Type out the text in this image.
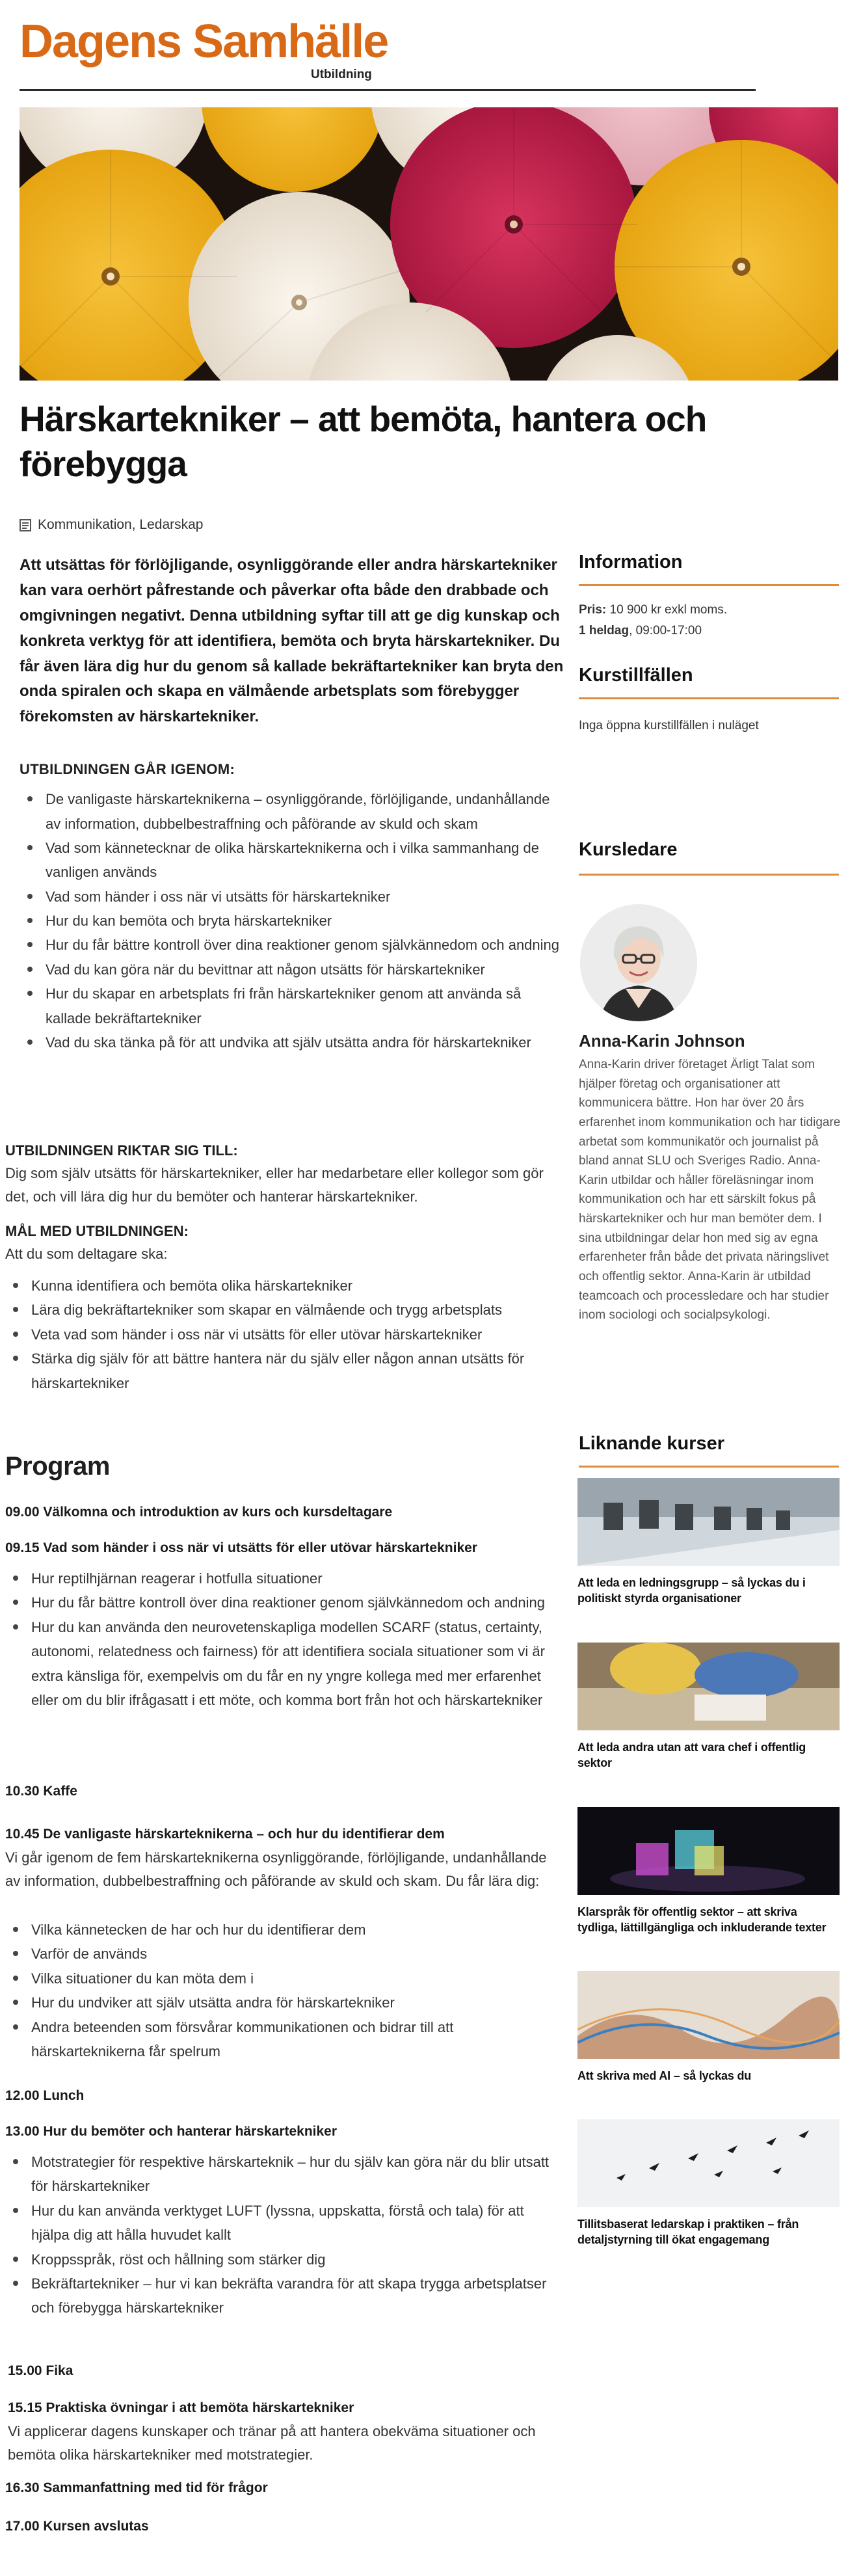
Dagens Samhälle
Utbildning
Härskartekniker – att bemöta, hantera och förebygga
Kommunikation, Ledarskap

Att utsättas för förlöjligande, osynliggörande eller andra härskartekniker kan vara oerhört påfrestande och påverkar ofta både den drabbade och omgivningen negativt. Denna utbildning syftar till att ge dig kunskap och konkreta verktyg för att identifiera, bemöta och bryta härskartekniker. Du får även lära dig hur du genom så kallade bekräftartekniker kan bryta den onda spiralen och skapa en välmående arbetsplats som förebygger förekomsten av härskartekniker.

UTBILDNINGEN GÅR IGENOM:
De vanligaste härskarteknikerna – osynliggörande, förlöjligande, undanhållande av information, dubbelbestraffning och påförande av skuld och skam
Vad som kännetecknar de olika härskarteknikerna och i vilka sammanhang de vanligen används
Vad som händer i oss när vi utsätts för härskartekniker
Hur du kan bemöta och bryta härskartekniker
Hur du får bättre kontroll över dina reaktioner genom självkännedom och andning
Vad du kan göra när du bevittnar att någon utsätts för härskartekniker
Hur du skapar en arbetsplats fri från härskartekniker genom att använda så kallade bekräftartekniker
Vad du ska tänka på för att undvika att själv utsätta andra för härskartekniker
UTBILDNINGEN RIKTAR SIG TILL:
Dig som själv utsätts för härskartekniker, eller har medarbetare eller kollegor som gör det, och vill lära dig hur du bemöter och hanterar härskartekniker.
MÅL MED UTBILDNINGEN:
Att du som deltagare ska:
Kunna identifiera och bemöta olika härskartekniker
Lära dig bekräftartekniker som skapar en välmående och trygg arbetsplats
Veta vad som händer i oss när vi utsätts för eller utövar härskartekniker
Stärka dig själv för att bättre hantera när du själv eller någon annan utsätts för härskartekniker
Program
09.00 Välkomna och introduktion av kurs och kursdeltagare
09.15 Vad som händer i oss när vi utsätts för eller utövar härskartekniker
Hur reptilhjärnan reagerar i hotfulla situationer
Hur du får bättre kontroll över dina reaktioner genom självkännedom och andning
Hur du kan använda den neurovetenskapliga modellen SCARF (status, certainty, autonomi, relatedness och fairness) för att identifiera sociala situationer som vi är extra känsliga för, exempelvis om du får en ny yngre kollega med mer erfarenhet eller om du blir ifrågasatt i ett möte, och komma bort från hot och härskartekniker
10.30 Kaffe
10.45 De vanligaste härskarteknikerna – och hur du identifierar dem
Vi går igenom de fem härskarteknikerna osynliggörande, förlöjligande, undanhållande av information, dubbelbestraffning och påförande av skuld och skam. Du får lära dig:
Vilka kännetecken de har och hur du identifierar dem
Varför de används
Vilka situationer du kan möta dem i
Hur du undviker att själv utsätta andra för härskartekniker
Andra beteenden som försvårar kommunikationen och bidrar till att härskarteknikerna får spelrum
12.00 Lunch
13.00 Hur du bemöter och hanterar härskartekniker
Motstrategier för respektive härskarteknik – hur du själv kan göra när du blir utsatt för härskartekniker
Hur du kan använda verktyget LUFT (lyssna, uppskatta, förstå och tala) för att hjälpa dig att hålla huvudet kallt
Kroppsspråk, röst och hållning som stärker dig
Bekräftartekniker – hur vi kan bekräfta varandra för att skapa trygga arbetsplatser och förebygga härskartekniker
15.00 Fika
15.15 Praktiska övningar i att bemöta härskartekniker
Vi applicerar dagens kunskaper och tränar på att hantera obekväma situationer och bemöta olika härskartekniker med motstrategier.
16.30 Sammanfattning med tid för frågor
17.00 Kursen avslutas
Information
Pris: 10 900 kr exkl moms.
1 heldag, 09:00-17:00
Kurstillfällen
Inga öppna kurstillfällen i nuläget
Kursledare
Anna-Karin Johnson
Anna-Karin driver företaget Ärligt Talat som hjälper företag och organisationer att kommunicera bättre. Hon har över 20 års erfarenhet inom kommunikation och har tidigare arbetat som kommunikatör och journalist på bland annat SLU och Sveriges Radio. Anna-Karin utbildar och håller föreläsningar inom kommunikation och har ett särskilt fokus på härskartekniker och hur man bemöter dem. I sina utbildningar delar hon med sig av egna erfarenheter från både det privata näringslivet och offentlig sektor. Anna-Karin är utbildad teamcoach och processledare och har studier inom sociologi och socialpsykologi.
Liknande kurser
Att leda en ledningsgrupp – så lyckas du i politiskt styrda organisationer
Att leda andra utan att vara chef i offentlig sektor
Klarspråk för offentlig sektor – att skriva tydliga, lättillgängliga och inkluderande texter
Att skriva med AI – så lyckas du
Tillitsbaserat ledarskap i praktiken – från detaljstyrning till ökat engagemang
